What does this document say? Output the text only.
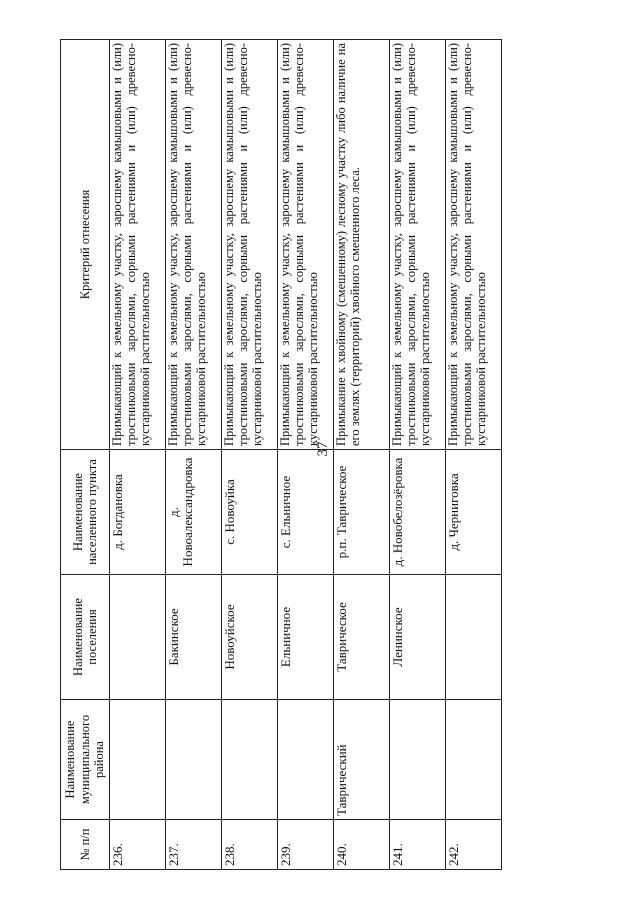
37
№ п/п	Наименование муниципального района	Наименование поселения	Наименование населенного пункта	Критерий отнесения
236.			д. Богдановка	Примыкающий к земельному участку, заросшему камышовыми и (или) тростниковыми зарослями, сорными растениями и (или) древесно-кустарниковой растительностью
237.		Бакинское	д. Новоалександровка	Примыкающий к земельному участку, заросшему камышовыми и (или) тростниковыми зарослями, сорными растениями и (или) древесно-кустарниковой растительностью
238.		Новоуйское	с. Новоуйка	Примыкающий к земельному участку, заросшему камышовыми и (или) тростниковыми зарослями, сорными растениями и (или) древесно-кустарниковой растительностью
239.		Ельничное	с. Ельничное	Примыкающий к земельному участку, заросшему камышовыми и (или) тростниковыми зарослями, сорными растениями и (или) древесно-кустарниковой растительностью
240.	Таврический	Таврическое	р.п. Таврическое	Примыкание к хвойному (смешенному) лесному участку либо наличие на его землях (территорий) хвойного смешенного леса.
241.		Ленинское	д. Новобелозёровка	Примыкающий к земельному участку, заросшему камышовыми и (или) тростниковыми зарослями, сорными растениями и (или) древесно-кустарниковой растительностью
242.			д. Черниговка	Примыкающий к земельному участку, заросшему камышовыми и (или) тростниковыми зарослями, сорными растениями и (или) древесно-кустарниковой растительностью
